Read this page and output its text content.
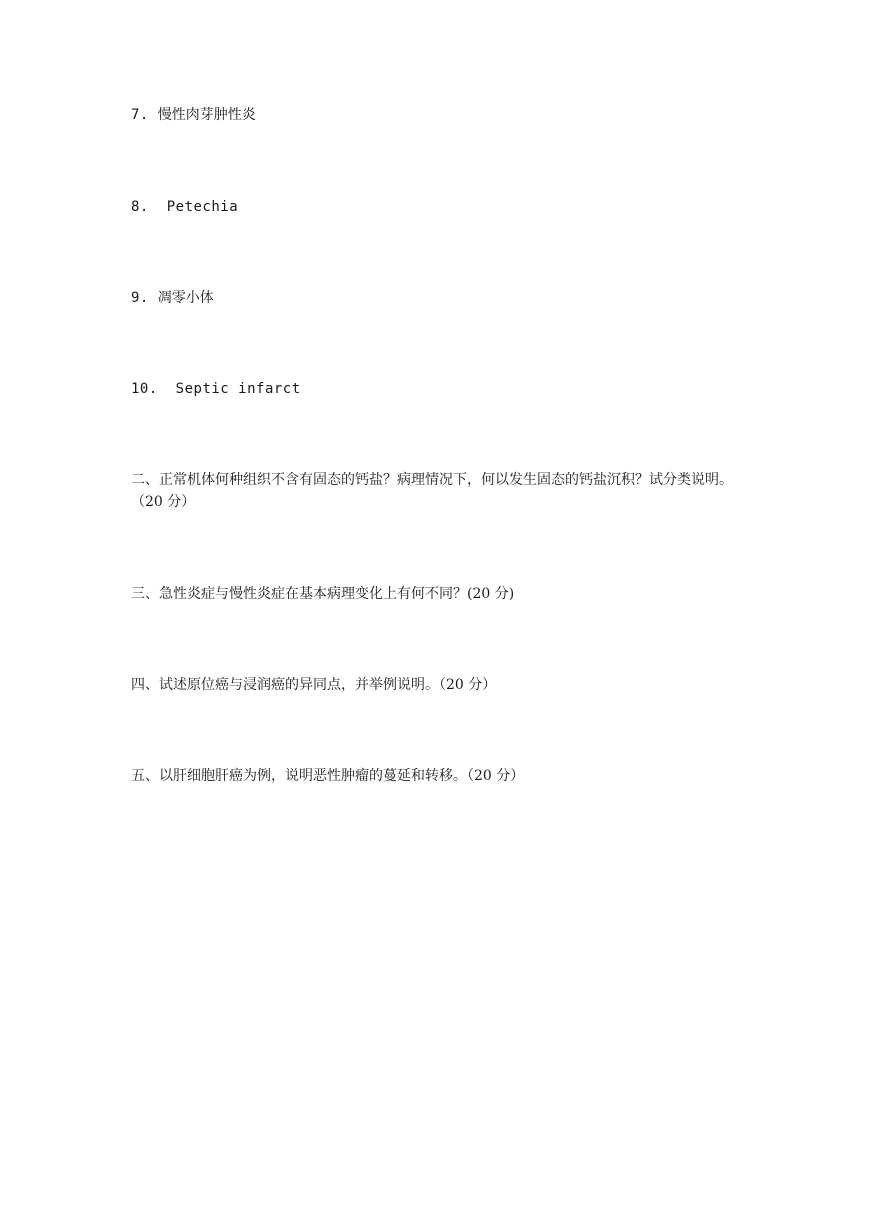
7. 慢性肉芽肿性炎
8. Petechia
9. 凋零小体
10. Septic infarct
二、正常机体何种组织不含有固态的钙盐？病理情况下，何以发生固态的钙盐沉积？试分类说明。（20 分）
三、急性炎症与慢性炎症在基本病理变化上有何不同？(20 分)
四、试述原位癌与浸润癌的异同点，并举例说明。（20 分）
五、以肝细胞肝癌为例，说明恶性肿瘤的蔓延和转移。（20 分）
